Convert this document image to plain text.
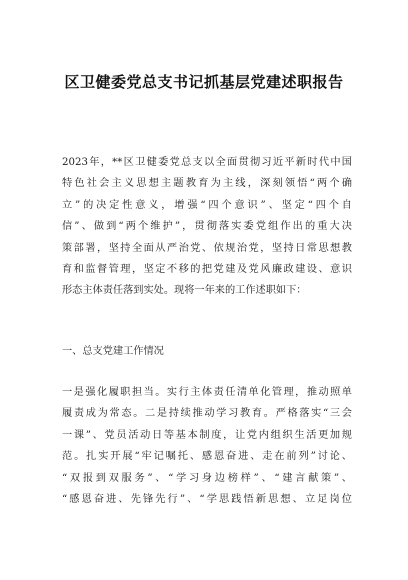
区卫健委党总支书记抓基层党建述职报告
2023年，**区卫健委党总支以全面贯彻习近平新时代中国
特色社会主义思想主题教育为主线，深刻领悟“两个确
立”的决定性意义，增强“四个意识”、坚定“四个自
信”、做到“两个维护”，贯彻落实委党组作出的重大决
策部署，坚持全面从严治党、依规治党，坚持日常思想教
育和监督管理，坚定不移的把党建及党风廉政建设、意识
形态主体责任落到实处。现将一年来的工作述职如下：
一、总支党建工作情况
一是强化履职担当。实行主体责任清单化管理，推动照单
履责成为常态。二是持续推动学习教育。严格落实“三会
一课”、党员活动日等基本制度，让党内组织生活更加规
范。扎实开展“牢记嘱托、感恩奋进、走在前列”讨论、
“双报到双服务”、“学习身边榜样”、“建言献策”、
“感恩奋进、先锋先行”、“学思践悟新思想、立足岗位
